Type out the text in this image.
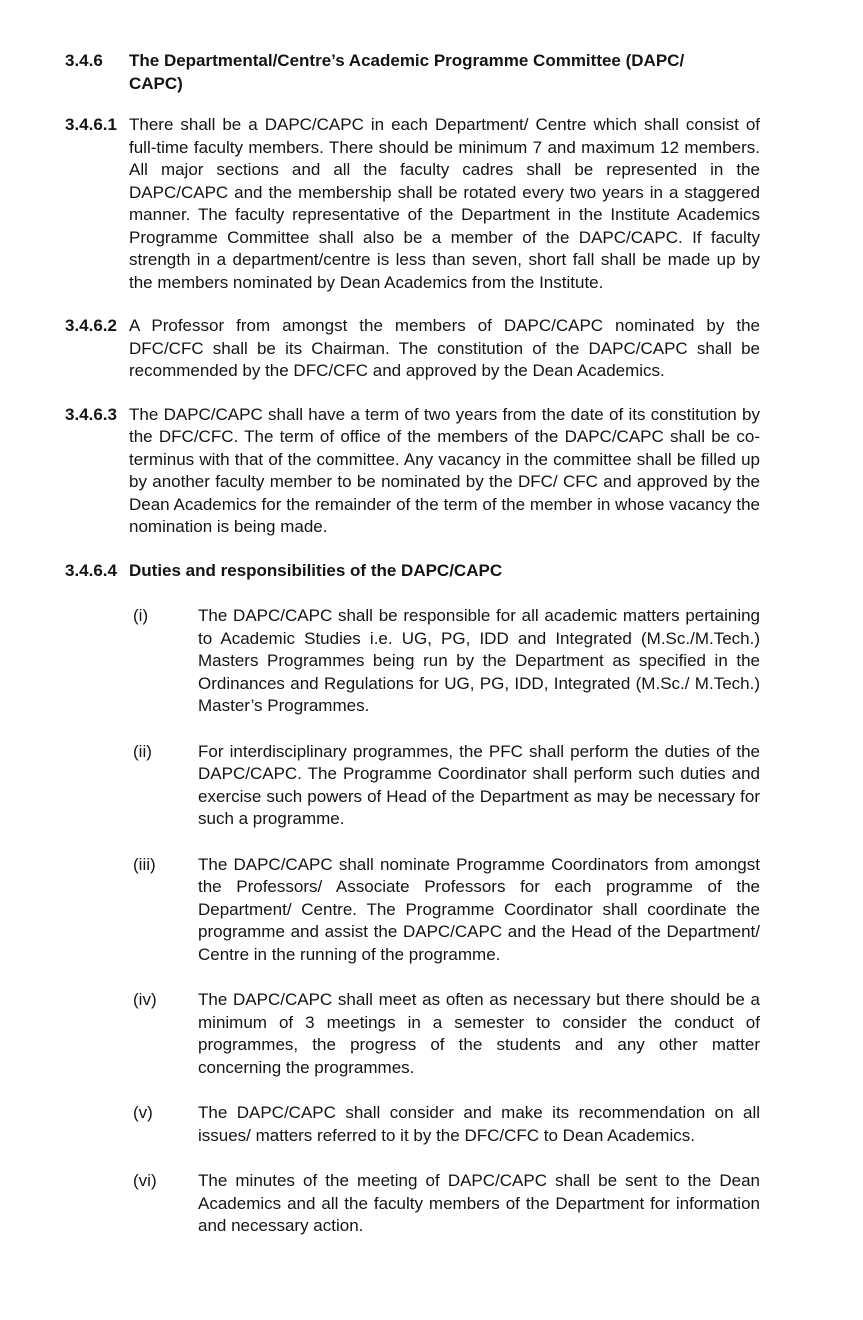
3.4.6 The Departmental/Centre’s Academic Programme Committee (DAPC/
CAPC)
3.4.6.1 There shall be a DAPC/CAPC in each Department/ Centre which shall consist of full-time faculty members. There should be minimum 7 and maximum 12 members. All major sections and all the faculty cadres shall be represented in the DAPC/CAPC and the membership shall be rotated every two years in a staggered manner. The faculty representative of the Department in the Institute Academics Programme Committee shall also be a member of the DAPC/CAPC. If faculty strength in a department/centre is less than seven, short fall shall be made up by the members nominated by Dean Academics from the Institute.
3.4.6.2 A Professor from amongst the members of DAPC/CAPC nominated by the DFC/CFC shall be its Chairman. The constitution of the DAPC/CAPC shall be recommended by the DFC/CFC and approved by the Dean Academics.
3.4.6.3 The DAPC/CAPC shall have a term of two years from the date of its constitution by the DFC/CFC. The term of office of the members of the DAPC/CAPC shall be co-terminus with that of the committee. Any vacancy in the committee shall be filled up by another faculty member to be nominated by the DFC/ CFC and approved by the Dean Academics for the remainder of the term of the member in whose vacancy the nomination is being made.
3.4.6.4 Duties and responsibilities of the DAPC/CAPC
(i)	The DAPC/CAPC shall be responsible for all academic matters pertaining to Academic Studies i.e. UG, PG, IDD and Integrated (M.Sc./M.Tech.) Masters Programmes being run by the Department as specified in the Ordinances and Regulations for UG, PG, IDD, Integrated (M.Sc./ M.Tech.) Master’s Programmes.
(ii)	For interdisciplinary programmes, the PFC shall perform the duties of the DAPC/CAPC. The Programme Coordinator shall perform such duties and exercise such powers of Head of the Department as may be necessary for such a programme.
(iii) The DAPC/CAPC shall nominate Programme Coordinators from amongst the Professors/ Associate Professors for each programme of the Department/ Centre. The Programme Coordinator shall coordinate the programme and assist the DAPC/CAPC and the Head of the Department/ Centre in the running of the programme.
(iv) The DAPC/CAPC shall meet as often as necessary but there should be a minimum of 3 meetings in a semester to consider the conduct of programmes, the progress of the students and any other matter concerning the programmes.
(v)	The DAPC/CAPC shall consider and make its recommendation on all issues/ matters referred to it by the DFC/CFC to Dean Academics.
(vi) The minutes of the meeting of DAPC/CAPC shall be sent to the Dean Academics and all the faculty members of the Department for information and necessary action.
